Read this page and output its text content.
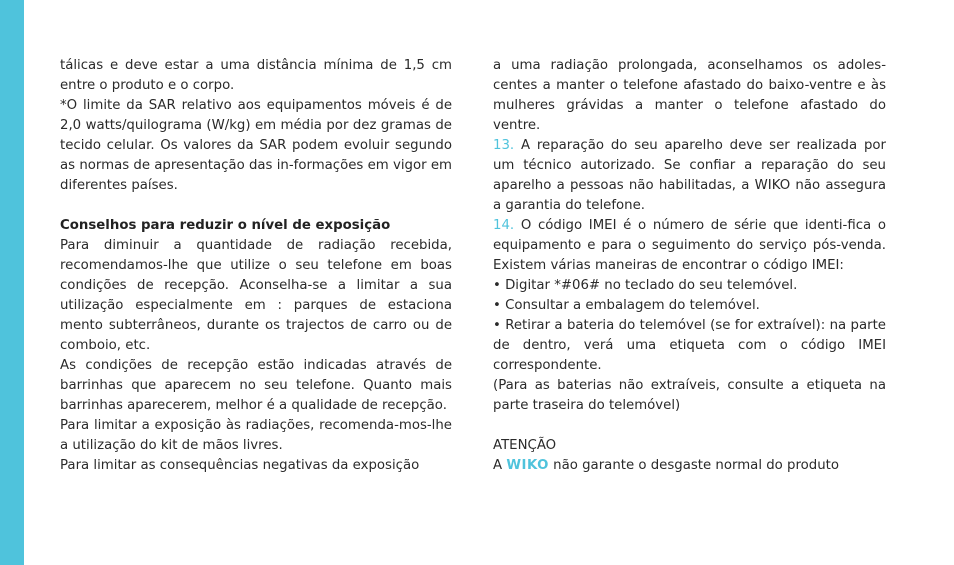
tálicas e deve estar a uma distância mínima de 1,5 cm entre o produto e o corpo.

*O limite da SAR relativo aos equipamentos móveis é de 2,0 watts/quilograma (W/kg) em média por dez gramas de tecido celular. Os valores da SAR podem evoluir segundo as normas de apresentação das in-formações em vigor em diferentes países.

Conselhos para reduzir o nível de exposição

Para diminuir a quantidade de radiação recebida, recomendamos-lhe que utilize o seu telefone em boas condições de recepção. Aconselha-se a limitar a sua utilização especialmente em : parques de estaciona mento subterrâneos, durante os trajectos de carro ou de comboio, etc.

As condições de recepção estão indicadas através de barrinhas que aparecem no seu telefone. Quanto mais barrinhas aparecerem, melhor é a qualidade de recepção.

Para limitar a exposição às radiações, recomenda-mos-lhe a utilização do kit de mãos livres.

Para limitar as consequências negativas da exposição

a uma radiação prolongada, aconselhamos os adoles-centes a manter o telefone afastado do baixo-ventre e às mulheres grávidas a manter o telefone afastado do ventre.

13. A reparação do seu aparelho deve ser realizada por um técnico autorizado. Se confiar a reparação do seu aparelho a pessoas não habilitadas, a WIKO não assegura a garantia do telefone.

14. O código IMEI é o número de série que identi-fica o equipamento e para o seguimento do serviço pós-venda. Existem várias maneiras de encontrar o código IMEI:

• Digitar *#06# no teclado do seu telemóvel.

• Consultar a embalagem do telemóvel.

• Retirar a bateria do telemóvel (se for extraível): na parte de dentro, verá uma etiqueta com o código IMEI correspondente.

(Para as baterias não extraíveis, consulte a etiqueta na parte traseira do telemóvel)

ATENÇÃO

A WIKO não garante o desgaste normal do produto
